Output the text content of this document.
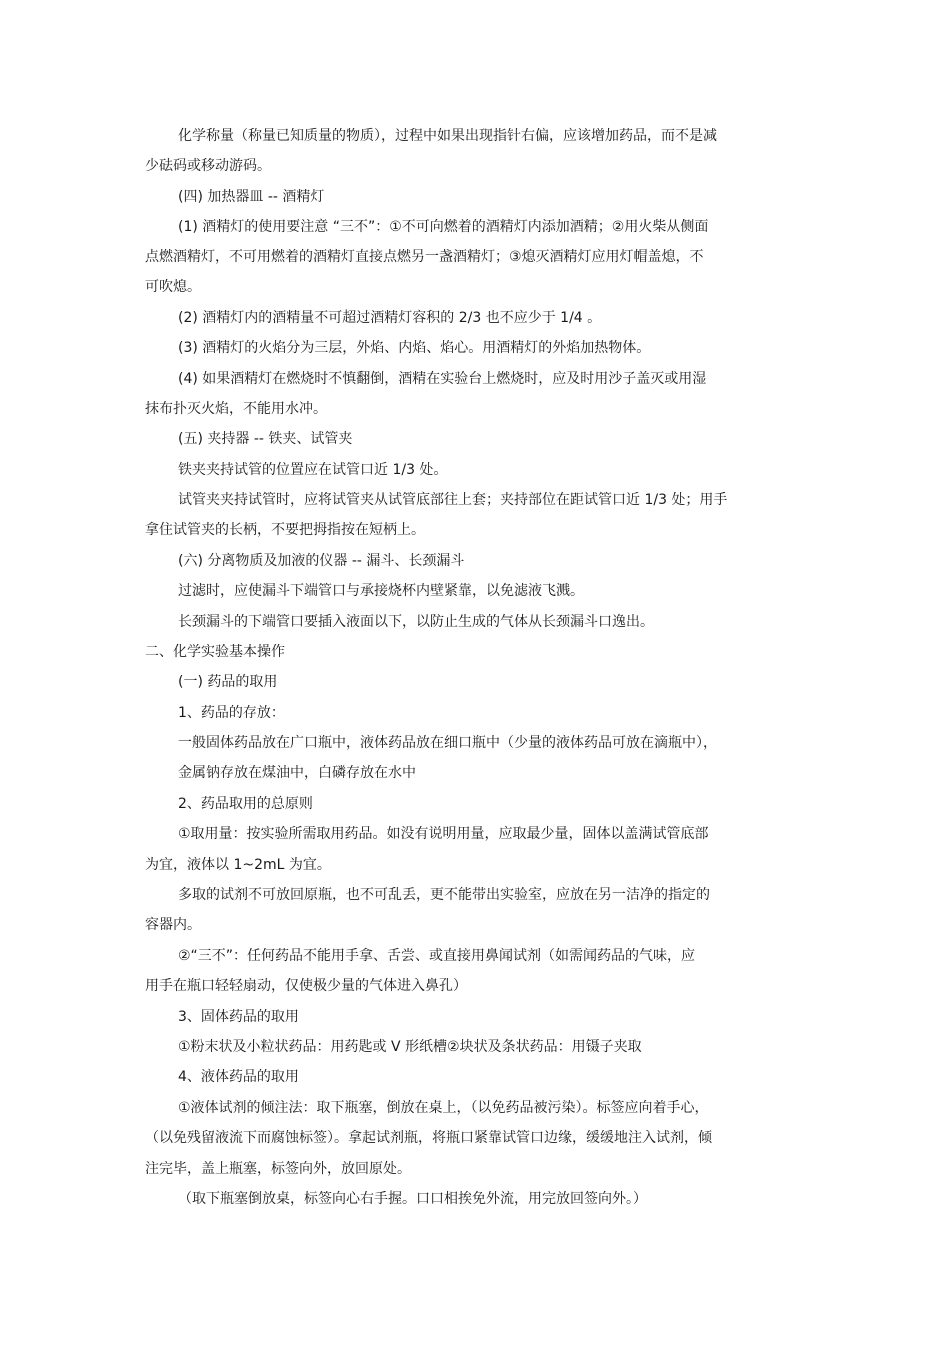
化学称量（称量已知质量的物质），过程中如果出现指针右偏，应该增加药品，而不是减

少砝码或移动游码。

(四) 加热器皿 -- 酒精灯

(1) 酒精灯的使用要注意 “三不”：①不可向燃着的酒精灯内添加酒精；②用火柴从侧面

点燃酒精灯，不可用燃着的酒精灯直接点燃另一盏酒精灯；③熄灭酒精灯应用灯帽盖熄，不

可吹熄。

(2) 酒精灯内的酒精量不可超过酒精灯容积的 2/3 也不应少于 1/4 。

(3) 酒精灯的火焰分为三层，外焰、内焰、焰心。用酒精灯的外焰加热物体。

(4) 如果酒精灯在燃烧时不慎翻倒，酒精在实验台上燃烧时，应及时用沙子盖灭或用湿

抹布扑灭火焰，不能用水冲。

(五) 夹持器 -- 铁夹、试管夹

铁夹夹持试管的位置应在试管口近 1/3 处。

试管夹夹持试管时，应将试管夹从试管底部往上套；夹持部位在距试管口近 1/3 处；用手

拿住试管夹的长柄，不要把拇指按在短柄上。

(六) 分离物质及加液的仪器 -- 漏斗、长颈漏斗

过滤时，应使漏斗下端管口与承接烧杯内壁紧靠，以免滤液飞溅。

长颈漏斗的下端管口要插入液面以下，以防止生成的气体从长颈漏斗口逸出。

二、化学实验基本操作

(一) 药品的取用

1、药品的存放：

一般固体药品放在广口瓶中，液体药品放在细口瓶中（少量的液体药品可放在滴瓶中），

金属钠存放在煤油中，白磷存放在水中

2、药品取用的总原则

①取用量：按实验所需取用药品。如没有说明用量，应取最少量，固体以盖满试管底部

为宜，液体以 1~2mL 为宜。

多取的试剂不可放回原瓶，也不可乱丢，更不能带出实验室，应放在另一洁净的指定的

容器内。

②“三不”：任何药品不能用手拿、舌尝、或直接用鼻闻试剂（如需闻药品的气味，应

用手在瓶口轻轻扇动，仅使极少量的气体进入鼻孔）

3、固体药品的取用

①粉末状及小粒状药品：用药匙或 V 形纸槽②块状及条状药品：用镊子夹取

4、液体药品的取用

①液体试剂的倾注法：取下瓶塞，倒放在桌上，（以免药品被污染）。标签应向着手心，

（以免残留液流下而腐蚀标签）。拿起试剂瓶，将瓶口紧靠试管口边缘，缓缓地注入试剂，倾

注完毕，盖上瓶塞，标签向外，放回原处。

（取下瓶塞倒放桌，标签向心右手握。口口相挨免外流，用完放回签向外。）
